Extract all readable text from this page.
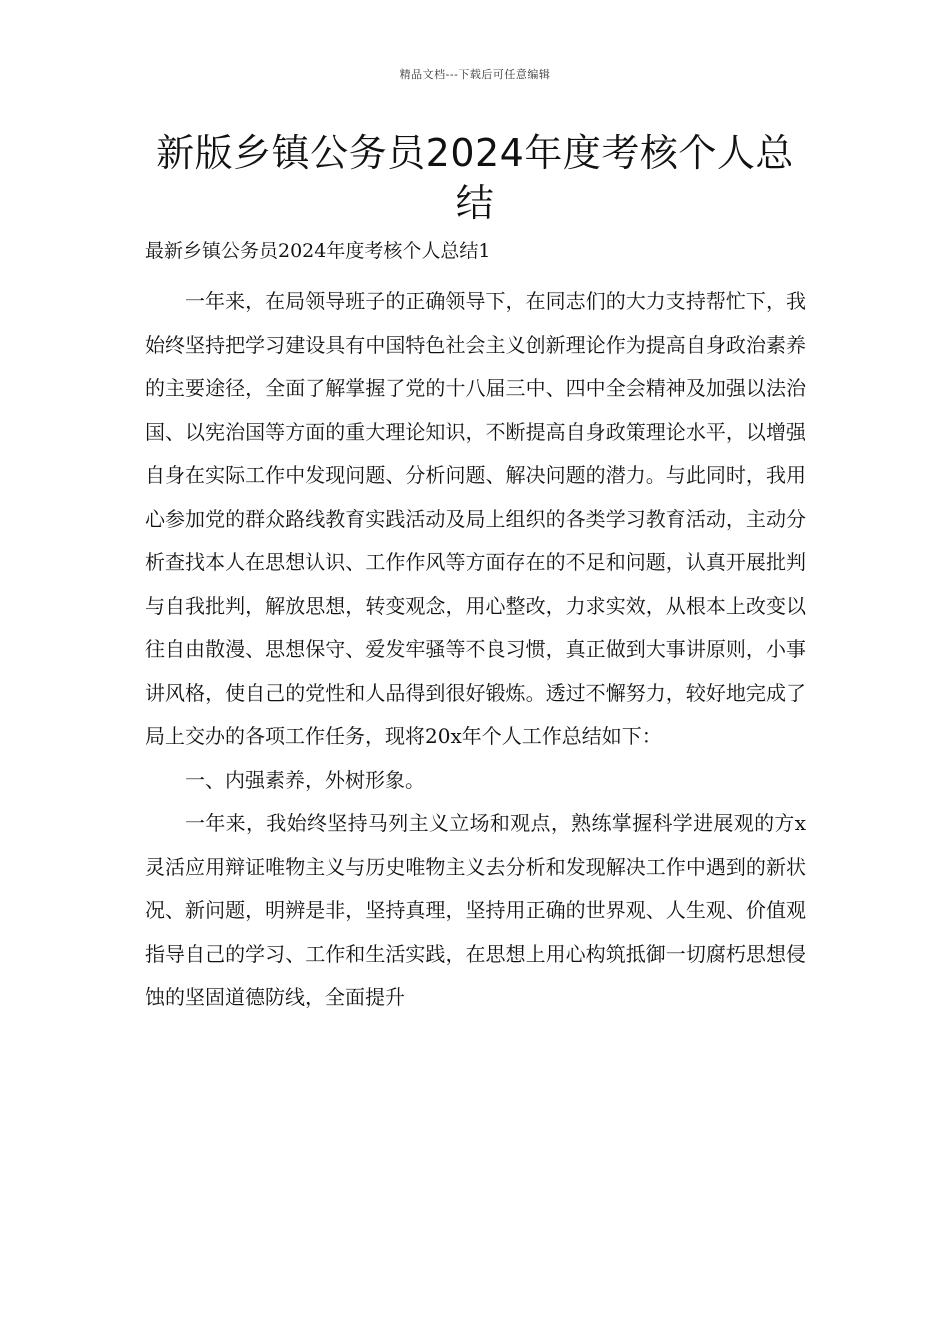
精品文档---下载后可任意编辑
新版乡镇公务员2024年度考核个人总结
最新乡镇公务员2024年度考核个人总结1

一年来，在局领导班子的正确领导下，在同志们的大力支持帮忙下，我始终坚持把学习建设具有中国特色社会主义创新理论作为提高自身政治素养的主要途径，全面了解掌握了党的十八届三中、四中全会精神及加强以法治国、以宪治国等方面的重大理论知识，不断提高自身政策理论水平，以增强自身在实际工作中发现问题、分析问题、解决问题的潜力。与此同时，我用心参加党的群众路线教育实践活动及局上组织的各类学习教育活动，主动分析查找本人在思想认识、工作作风等方面存在的不足和问题，认真开展批判与自我批判，解放思想，转变观念，用心整改，力求实效，从根本上改变以往自由散漫、思想保守、爱发牢骚等不良习惯，真正做到大事讲原则，小事讲风格，使自己的党性和人品得到很好锻炼。透过不懈努力，较好地完成了局上交办的各项工作任务，现将20x年个人工作总结如下：

一、内强素养，外树形象。

一年来，我始终坚持马列主义立场和观点，熟练掌握科学进展观的方x灵活应用辩证唯物主义与历史唯物主义去分析和发现解决工作中遇到的新状况、新问题，明辨是非，坚持真理，坚持用正确的世界观、人生观、价值观指导自己的学习、工作和生活实践，在思想上用心构筑抵御一切腐朽思想侵蚀的坚固道德防线，全面提升
